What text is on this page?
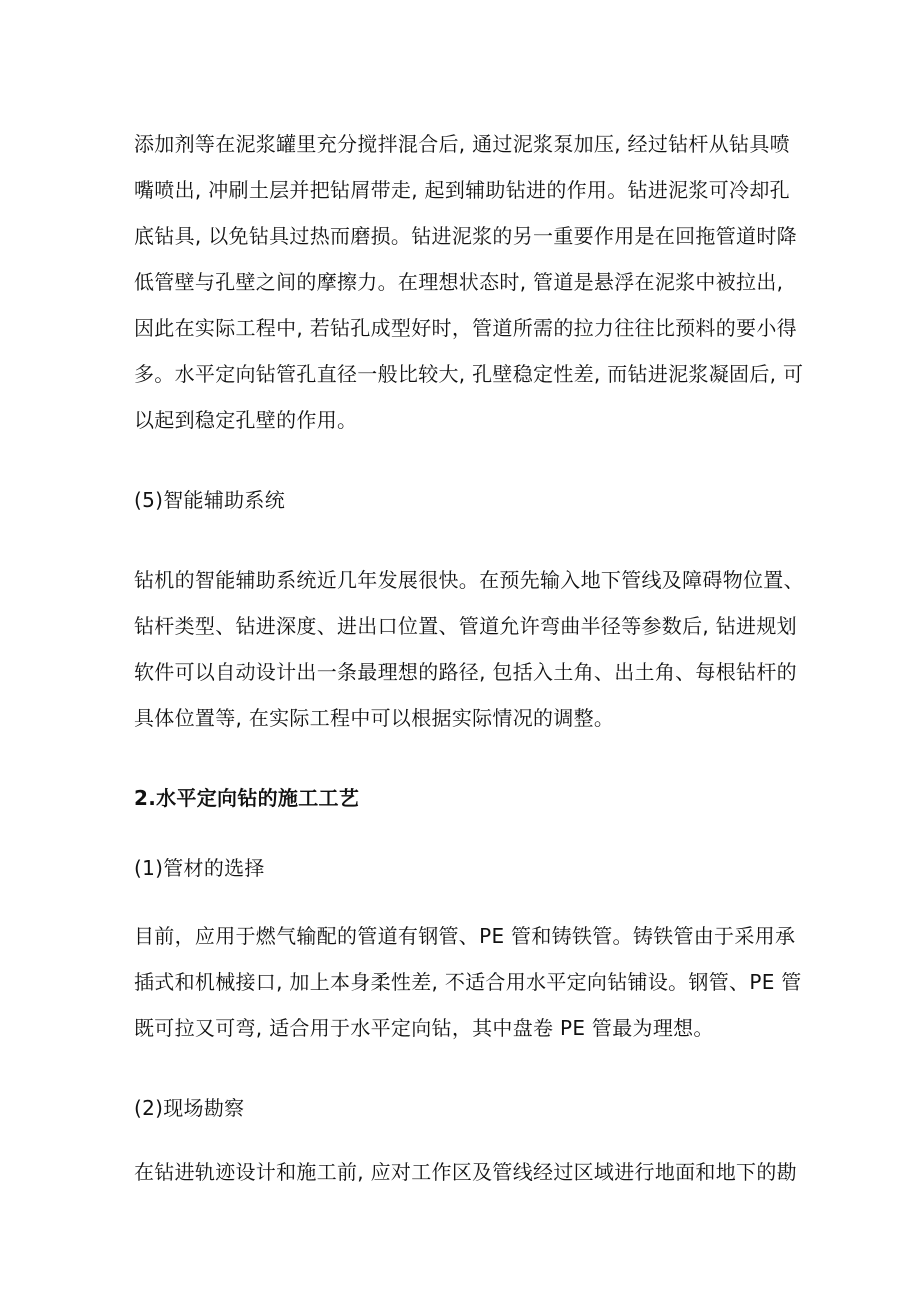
添加剂等在泥浆罐里充分搅拌混合后, 通过泥浆泵加压, 经过钻杆从钻具喷
嘴喷出, 冲刷土层并把钻屑带走, 起到辅助钻进的作用。钻进泥浆可冷却孔
底钻具, 以免钻具过热而磨损。钻进泥浆的另一重要作用是在回拖管道时降
低管壁与孔壁之间的摩擦力。在理想状态时, 管道是悬浮在泥浆中被拉出,
因此在实际工程中, 若钻孔成型好时，管道所需的拉力往往比预料的要小得
多。水平定向钻管孔直径一般比较大, 孔壁稳定性差, 而钻进泥浆凝固后, 可
以起到稳定孔壁的作用。
(5)智能辅助系统
钻机的智能辅助系统近几年发展很快。在预先输入地下管线及障碍物位置、
钻杆类型、钻进深度、进出口位置、管道允许弯曲半径等参数后, 钻进规划
软件可以自动设计出一条最理想的路径, 包括入土角、出土角、每根钻杆的
具体位置等, 在实际工程中可以根据实际情况的调整。
2.水平定向钻的施工工艺
(1)管材的选择
目前，应用于燃气输配的管道有钢管、PE 管和铸铁管。铸铁管由于采用承
插式和机械接口, 加上本身柔性差, 不适合用水平定向钻铺设。钢管、PE 管
既可拉又可弯, 适合用于水平定向钻，其中盘卷 PE 管最为理想。
(2)现场勘察
在钻进轨迹设计和施工前, 应对工作区及管线经过区域进行地面和地下的勘
